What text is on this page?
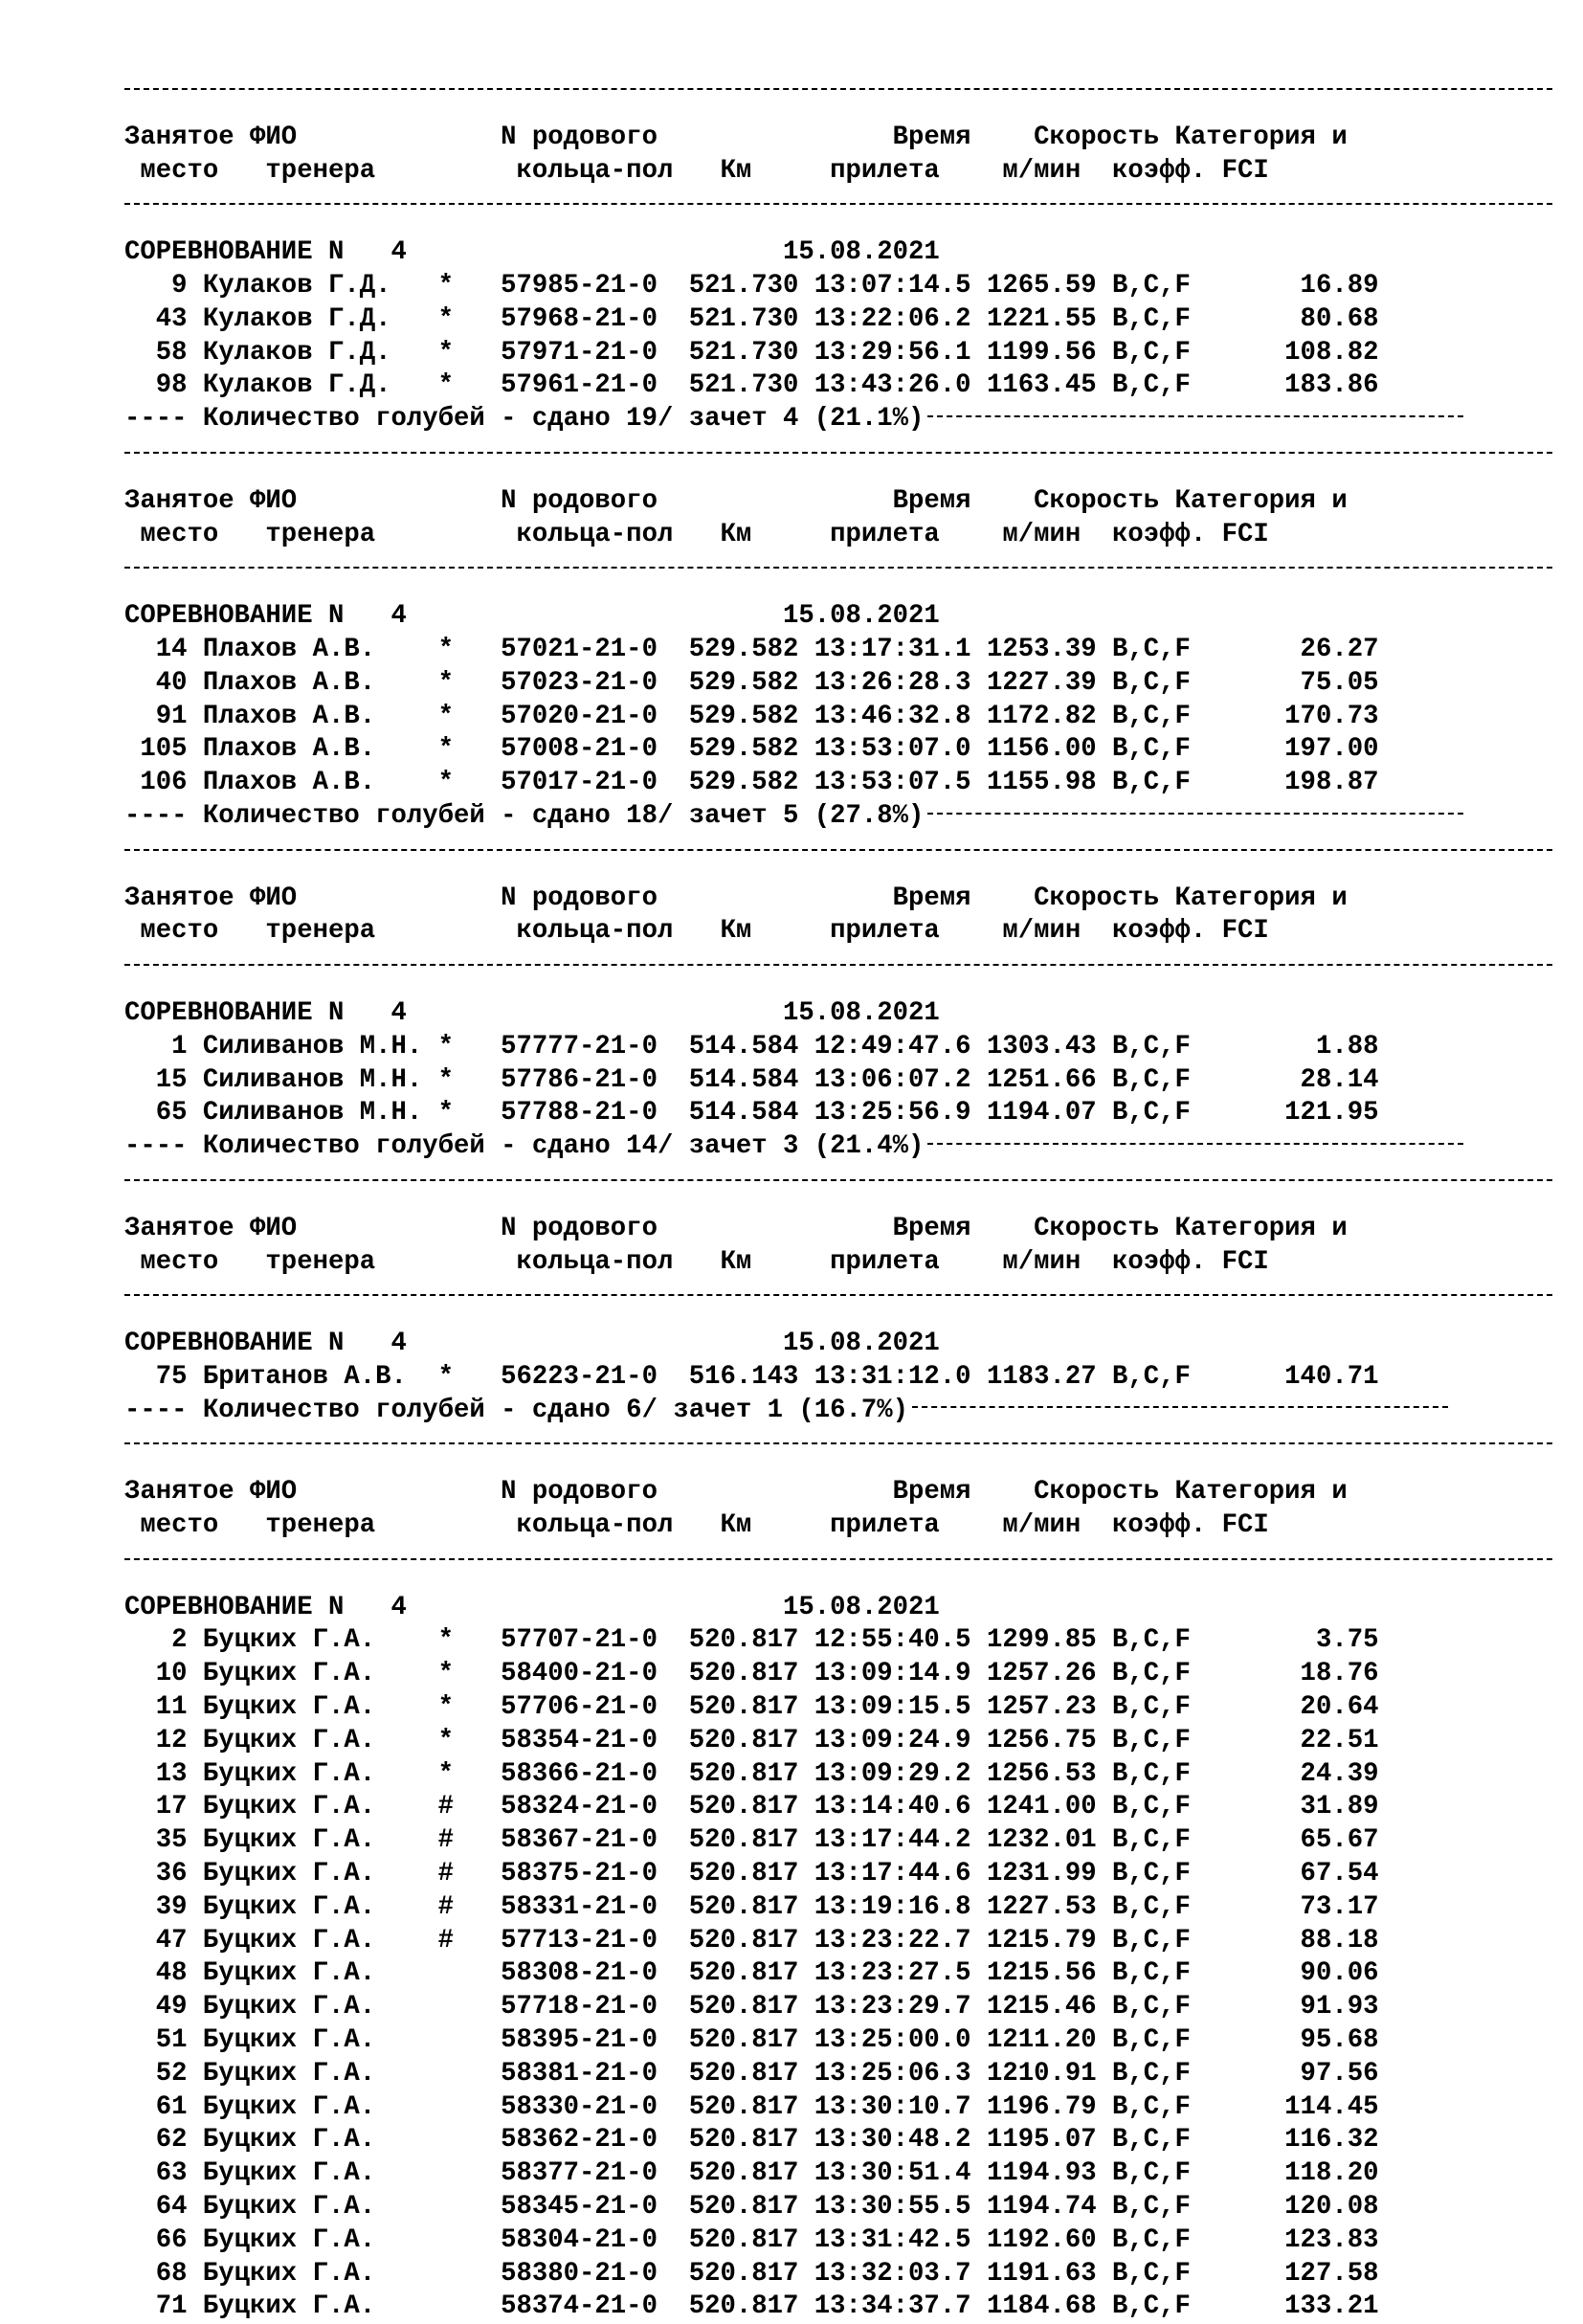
Занятое ФИО             N родового               Время    Скорость Категория и
место   тренера         кольца-пол   Км     прилета    м/мин  коэфф. FCI
СОРЕВНОВАНИЕ N   4                        15.08.2021
9 Кулаков Г.Д.   *   57985-21-0  521.730 13:07:14.5 1265.59 B,C,F       16.89
43 Кулаков Г.Д.   *   57968-21-0  521.730 13:22:06.2 1221.55 B,C,F       80.68
58 Кулаков Г.Д.   *   57971-21-0  521.730 13:29:56.1 1199.56 B,C,F      108.82
98 Кулаков Г.Д.   *   57961-21-0  521.730 13:43:26.0 1163.45 B,C,F      183.86
---- Количество голубей - сдано 19/ зачет 4 (21.1%)
Занятое ФИО             N родового               Время    Скорость Категория и
место   тренера         кольца-пол   Км     прилета    м/мин  коэфф. FCI
СОРЕВНОВАНИЕ N   4                        15.08.2021
14 Плахов А.В.    *   57021-21-0  529.582 13:17:31.1 1253.39 B,C,F       26.27
40 Плахов А.В.    *   57023-21-0  529.582 13:26:28.3 1227.39 B,C,F       75.05
91 Плахов А.В.    *   57020-21-0  529.582 13:46:32.8 1172.82 B,C,F      170.73
105 Плахов А.В.    *   57008-21-0  529.582 13:53:07.0 1156.00 B,C,F      197.00
106 Плахов А.В.    *   57017-21-0  529.582 13:53:07.5 1155.98 B,C,F      198.87
---- Количество голубей - сдано 18/ зачет 5 (27.8%)
Занятое ФИО             N родового               Время    Скорость Категория и
место   тренера         кольца-пол   Км     прилета    м/мин  коэфф. FCI
СОРЕВНОВАНИЕ N   4                        15.08.2021
1 Силиванов М.Н. *   57777-21-0  514.584 12:49:47.6 1303.43 B,C,F        1.88
15 Силиванов М.Н. *   57786-21-0  514.584 13:06:07.2 1251.66 B,C,F       28.14
65 Силиванов М.Н. *   57788-21-0  514.584 13:25:56.9 1194.07 B,C,F      121.95
---- Количество голубей - сдано 14/ зачет 3 (21.4%)
Занятое ФИО             N родового               Время    Скорость Категория и
место   тренера         кольца-пол   Км     прилета    м/мин  коэфф. FCI
СОРЕВНОВАНИЕ N   4                        15.08.2021
75 Британов А.В.  *   56223-21-0  516.143 13:31:12.0 1183.27 B,C,F      140.71
---- Количество голубей - сдано 6/ зачет 1 (16.7%)
Занятое ФИО             N родового               Время    Скорость Категория и
место   тренера         кольца-пол   Км     прилета    м/мин  коэфф. FCI
СОРЕВНОВАНИЕ N   4                        15.08.2021
2 Буцких Г.А.    *   57707-21-0  520.817 12:55:40.5 1299.85 B,C,F        3.75
10 Буцких Г.А.    *   58400-21-0  520.817 13:09:14.9 1257.26 B,C,F       18.76
11 Буцких Г.А.    *   57706-21-0  520.817 13:09:15.5 1257.23 B,C,F       20.64
12 Буцких Г.А.    *   58354-21-0  520.817 13:09:24.9 1256.75 B,C,F       22.51
13 Буцких Г.А.    *   58366-21-0  520.817 13:09:29.2 1256.53 B,C,F       24.39
17 Буцких Г.А.    #   58324-21-0  520.817 13:14:40.6 1241.00 B,C,F       31.89
35 Буцких Г.А.    #   58367-21-0  520.817 13:17:44.2 1232.01 B,C,F       65.67
36 Буцких Г.А.    #   58375-21-0  520.817 13:17:44.6 1231.99 B,C,F       67.54
39 Буцких Г.А.    #   58331-21-0  520.817 13:19:16.8 1227.53 B,C,F       73.17
47 Буцких Г.А.    #   57713-21-0  520.817 13:23:22.7 1215.79 B,C,F       88.18
48 Буцких Г.А.        58308-21-0  520.817 13:23:27.5 1215.56 B,C,F       90.06
49 Буцких Г.А.        57718-21-0  520.817 13:23:29.7 1215.46 B,C,F       91.93
51 Буцких Г.А.        58395-21-0  520.817 13:25:00.0 1211.20 B,C,F       95.68
52 Буцких Г.А.        58381-21-0  520.817 13:25:06.3 1210.91 B,C,F       97.56
61 Буцких Г.А.        58330-21-0  520.817 13:30:10.7 1196.79 B,C,F      114.45
62 Буцких Г.А.        58362-21-0  520.817 13:30:48.2 1195.07 B,C,F      116.32
63 Буцких Г.А.        58377-21-0  520.817 13:30:51.4 1194.93 B,C,F      118.20
64 Буцких Г.А.        58345-21-0  520.817 13:30:55.5 1194.74 B,C,F      120.08
66 Буцких Г.А.        58304-21-0  520.817 13:31:42.5 1192.60 B,C,F      123.83
68 Буцких Г.А.        58380-21-0  520.817 13:32:03.7 1191.63 B,C,F      127.58
71 Буцких Г.А.        58374-21-0  520.817 13:34:37.7 1184.68 B,C,F      133.21
